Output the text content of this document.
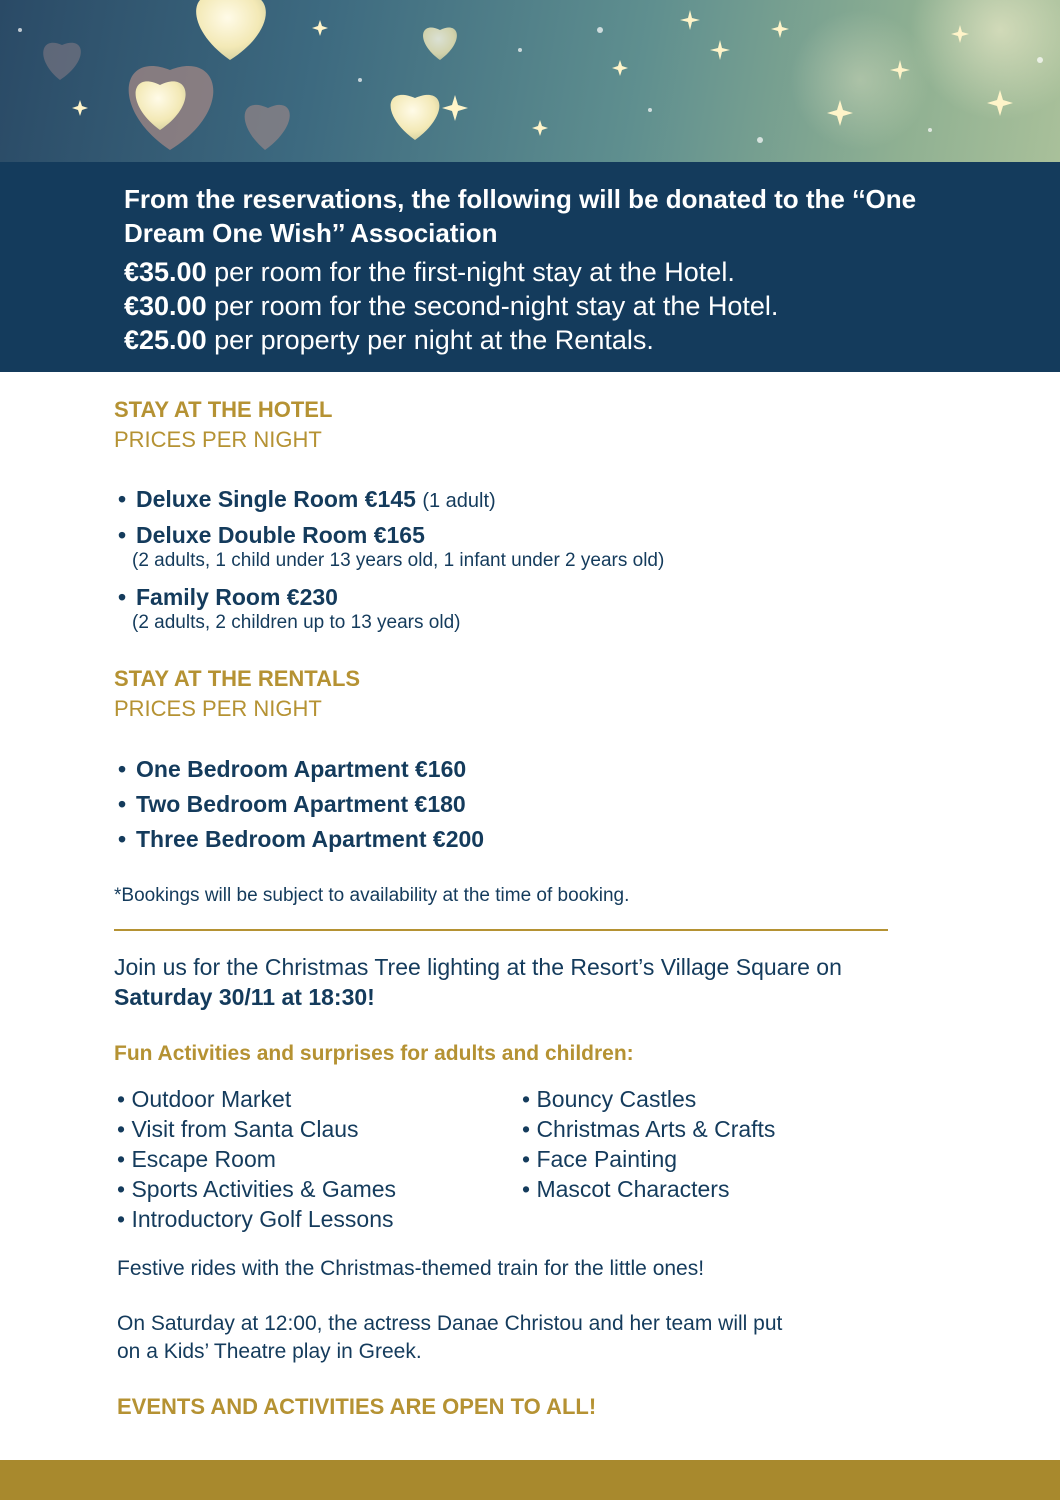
From the reservations, the following will be donated to the ‘‘One Dream One Wish’’ Association
€35.00 per room for the first-night stay at the Hotel.
€30.00 per room for the second-night stay at the Hotel.
€25.00 per property per night at the Rentals.
STAY AT THE HOTEL
PRICES PER NIGHT
• Deluxe Single Room €145 (1 adult)
• Deluxe Double Room €165
(2 adults, 1 child under 13 years old, 1 infant under 2 years old)
• Family Room €230
(2 adults, 2 children up to 13 years old)
STAY AT THE RENTALS
PRICES PER NIGHT
• One Bedroom Apartment €160
• Two Bedroom Apartment €180
• Three Bedroom Apartment €200
*Bookings will be subject to availability at the time of booking.
Join us for the Christmas Tree lighting at the Resort’s Village Square on Saturday 30/11 at 18:30!
Fun Activities and surprises for adults and children:
• Outdoor Market
• Visit from Santa Claus
• Escape Room
• Sports Activities & Games
• Introductory Golf Lessons
• Bouncy Castles
• Christmas Arts & Crafts
• Face Painting
• Mascot Characters
Festive rides with the Christmas-themed train for the little ones!
On Saturday at 12:00, the actress Danae Christou and her team will put on a Kids’ Theatre play in Greek.
EVENTS AND ACTIVITIES ARE OPEN TO ALL!
